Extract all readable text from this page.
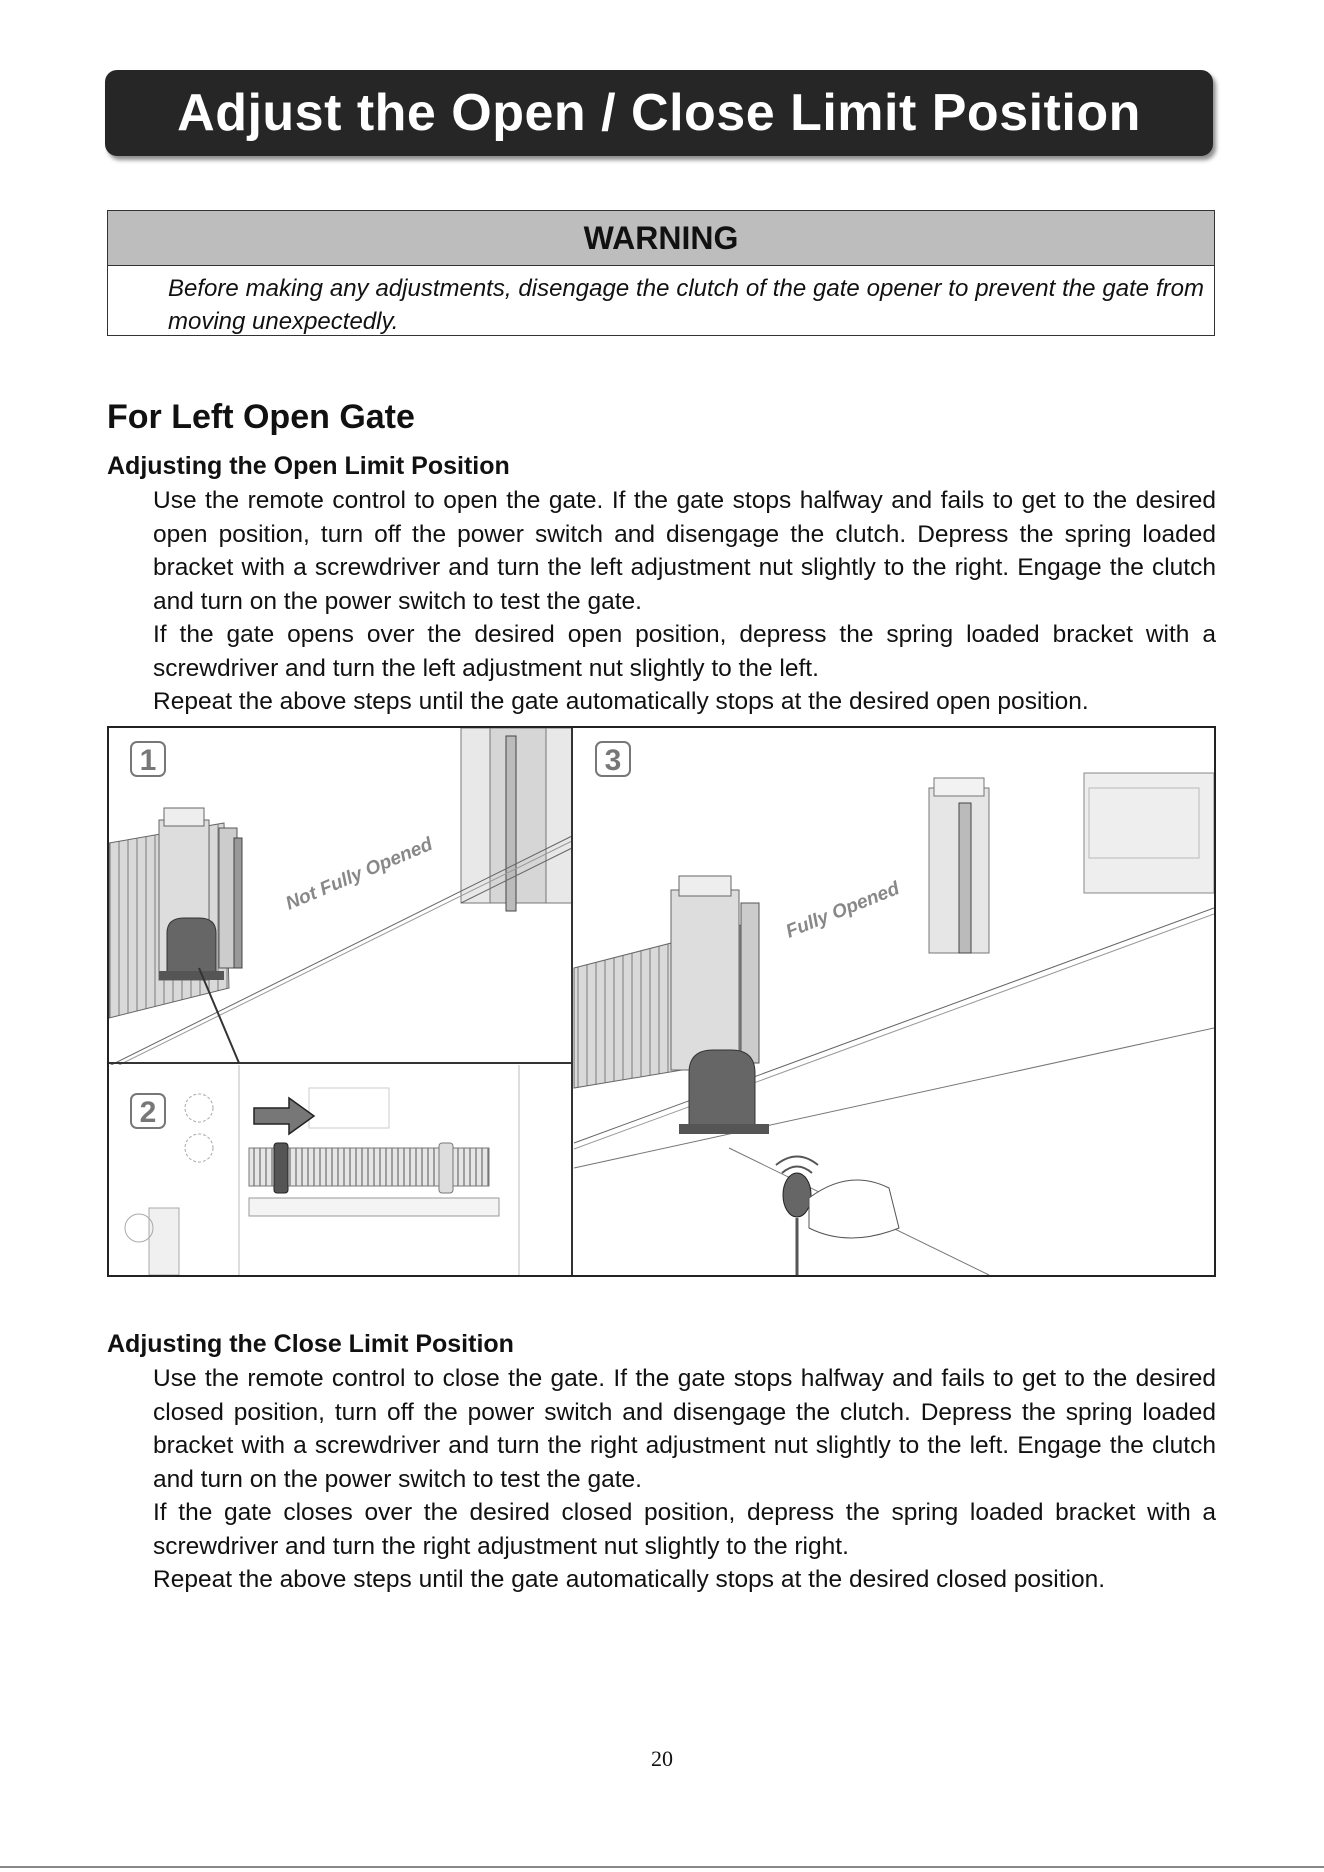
Adjust the Open / Close Limit Position
WARNING
Before making any adjustments, disengage the clutch of the gate opener to prevent the gate from moving unexpectedly.
For Left Open Gate
Adjusting the Open Limit Position

Use the remote control to open the gate. If the gate stops halfway and fails to get to the desired open position, turn off the power switch and disengage the clutch. Depress the spring loaded bracket with a screwdriver and turn the left adjustment nut slightly to the right. Engage the clutch and turn on the power switch to test the gate.

If the gate opens over the desired open position, depress the spring loaded bracket with a screwdriver and turn the left adjustment nut slightly to the left.

Repeat the above steps until the gate automatically stops at the desired open position.

1
Not Fully Opened
2
3
Fully Opened
Adjusting the Close Limit Position

Use the remote control to close the gate. If the gate stops halfway and fails to get to the desired closed position, turn off the power switch and disengage the clutch. Depress the spring loaded bracket with a screwdriver and turn the right adjustment nut slightly to the left. Engage the clutch and turn on the power switch to test the gate.

If the gate closes over the desired closed position, depress the spring loaded bracket with a screwdriver and turn the right adjustment nut slightly to the right.

Repeat the above steps until the gate automatically stops at the desired closed position.

20
